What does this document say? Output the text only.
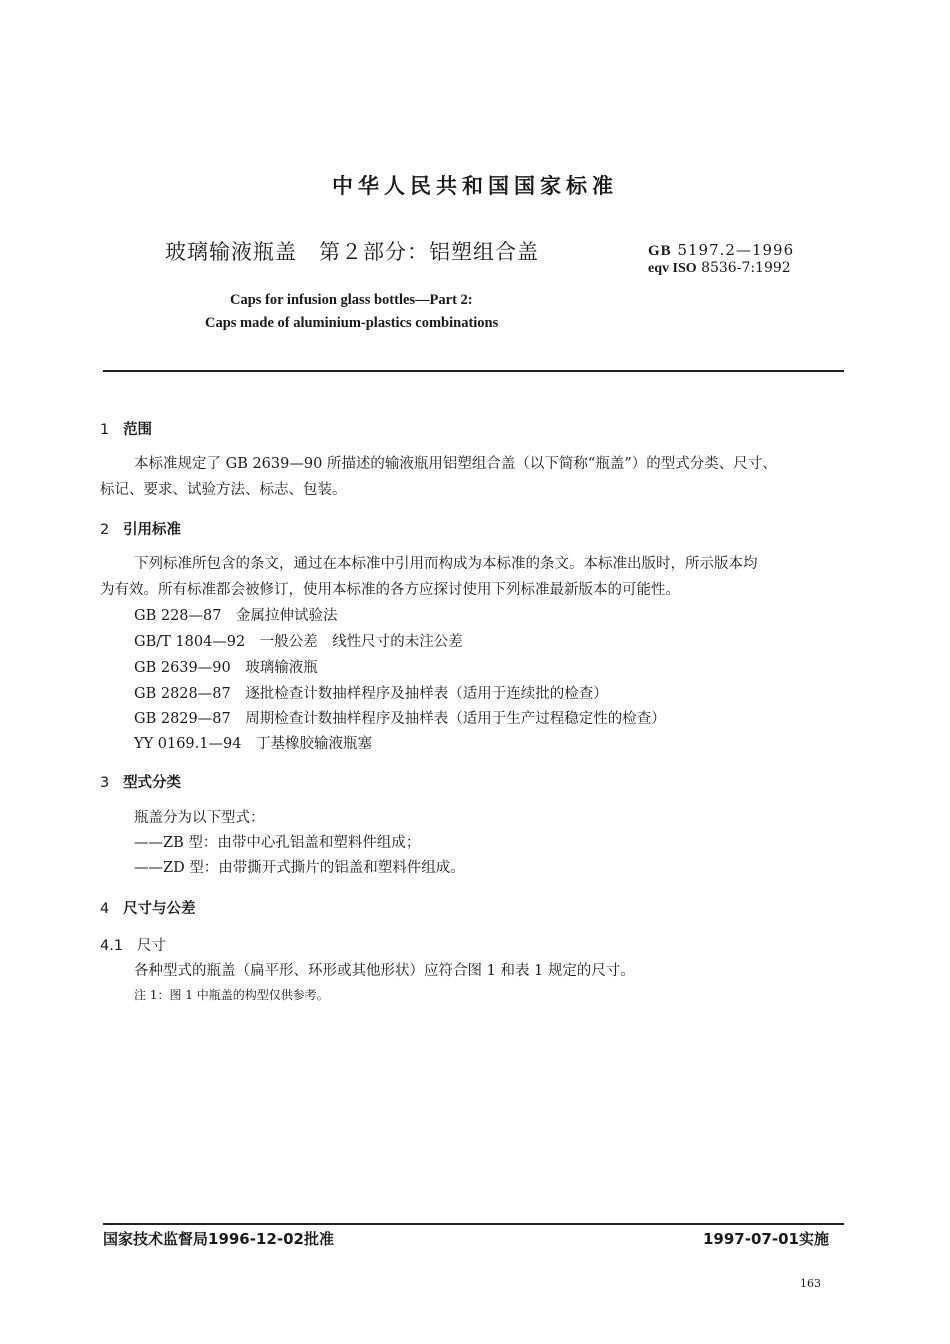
中华人民共和国国家标准
玻璃输液瓶盖　第２部分：铝塑组合盖	GB 5197.2—1996
eqv ISO 8536-7:1992
Caps for infusion glass bottles—Part 2:
Caps made of aluminium-plastics combinations
1 范围
本标准规定了 GB 2639—90 所描述的输液瓶用铝塑组合盖（以下简称“瓶盖”）的型式分类、尺寸、
标记、要求、试验方法、标志、包装。
2 引用标准
下列标准所包含的条文，通过在本标准中引用而构成为本标准的条文。本标准出版时，所示版本均
为有效。所有标准都会被修订，使用本标准的各方应探讨使用下列标准最新版本的可能性。
GB 228—87　金属拉伸试验法
GB/T 1804—92　一般公差　线性尺寸的未注公差
GB 2639—90　玻璃输液瓶
GB 2828—87　逐批检查计数抽样程序及抽样表（适用于连续批的检查）
GB 2829—87　周期检查计数抽样程序及抽样表（适用于生产过程稳定性的检查）
YY 0169.1—94　丁基橡胶输液瓶塞
3 型式分类
瓶盖分为以下型式：
——ZB 型：由带中心孔铝盖和塑料件组成；
——ZD 型：由带撕开式撕片的铝盖和塑料件组成。
4 尺寸与公差
4.1 尺寸
各种型式的瓶盖（扁平形、环形或其他形状）应符合图 1 和表 1 规定的尺寸。
注 1：图 1 中瓶盖的构型仅供参考。
国家技术监督局1996-12-02批准	1997-07-01实施
163
